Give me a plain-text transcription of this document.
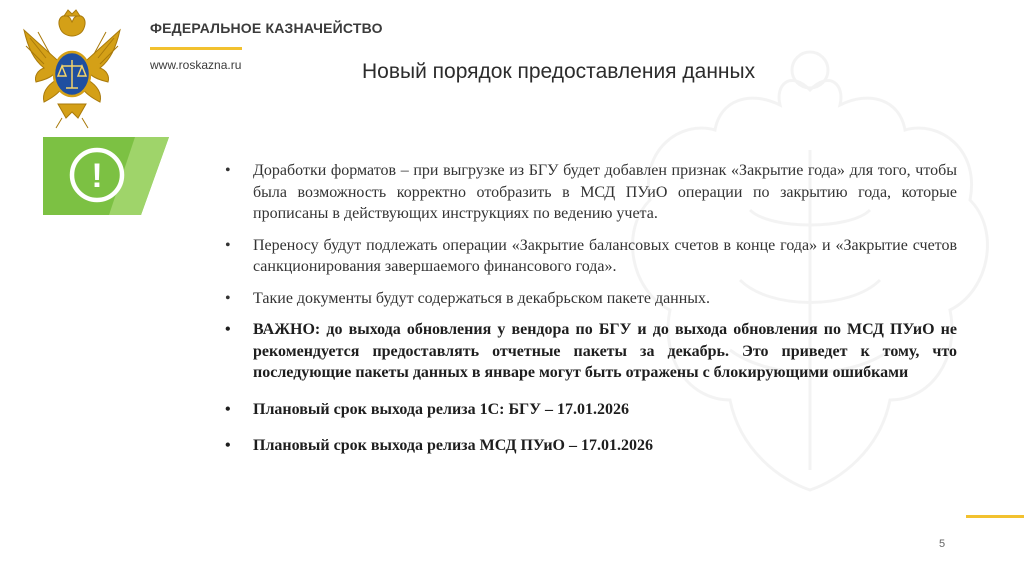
ФЕДЕРАЛЬНОЕ КАЗНАЧЕЙСТВО
www.roskazna.ru	Новый порядок предоставления данных
!
•	Доработки форматов – при выгрузке из БГУ будет добавлен признак «Закрытие года» для того, чтобы была возможность корректно отобразить в МСД ПУиО операции по закрытию года, которые прописаны в действующих инструкциях по ведению учета.
• Переносу будут подлежать операции «Закрытие балансовых счетов в конце года» и «Закрытие счетов санкционирования завершаемого финансового года».
• Такие документы будут содержаться в декабрьском пакете данных.
• ВАЖНО: до выхода обновления у вендора по БГУ и до выхода обновления по МСД ПУиО не рекомендуется предоставлять отчетные пакеты за декабрь. Это приведет к тому, что последующие пакеты данных в январе могут быть отражены с блокирующими ошибками
• Плановый срок выхода релиза 1С: БГУ – 17.01.2026
• Плановый срок выхода релиза МСД ПУиО – 17.01.2026
5
